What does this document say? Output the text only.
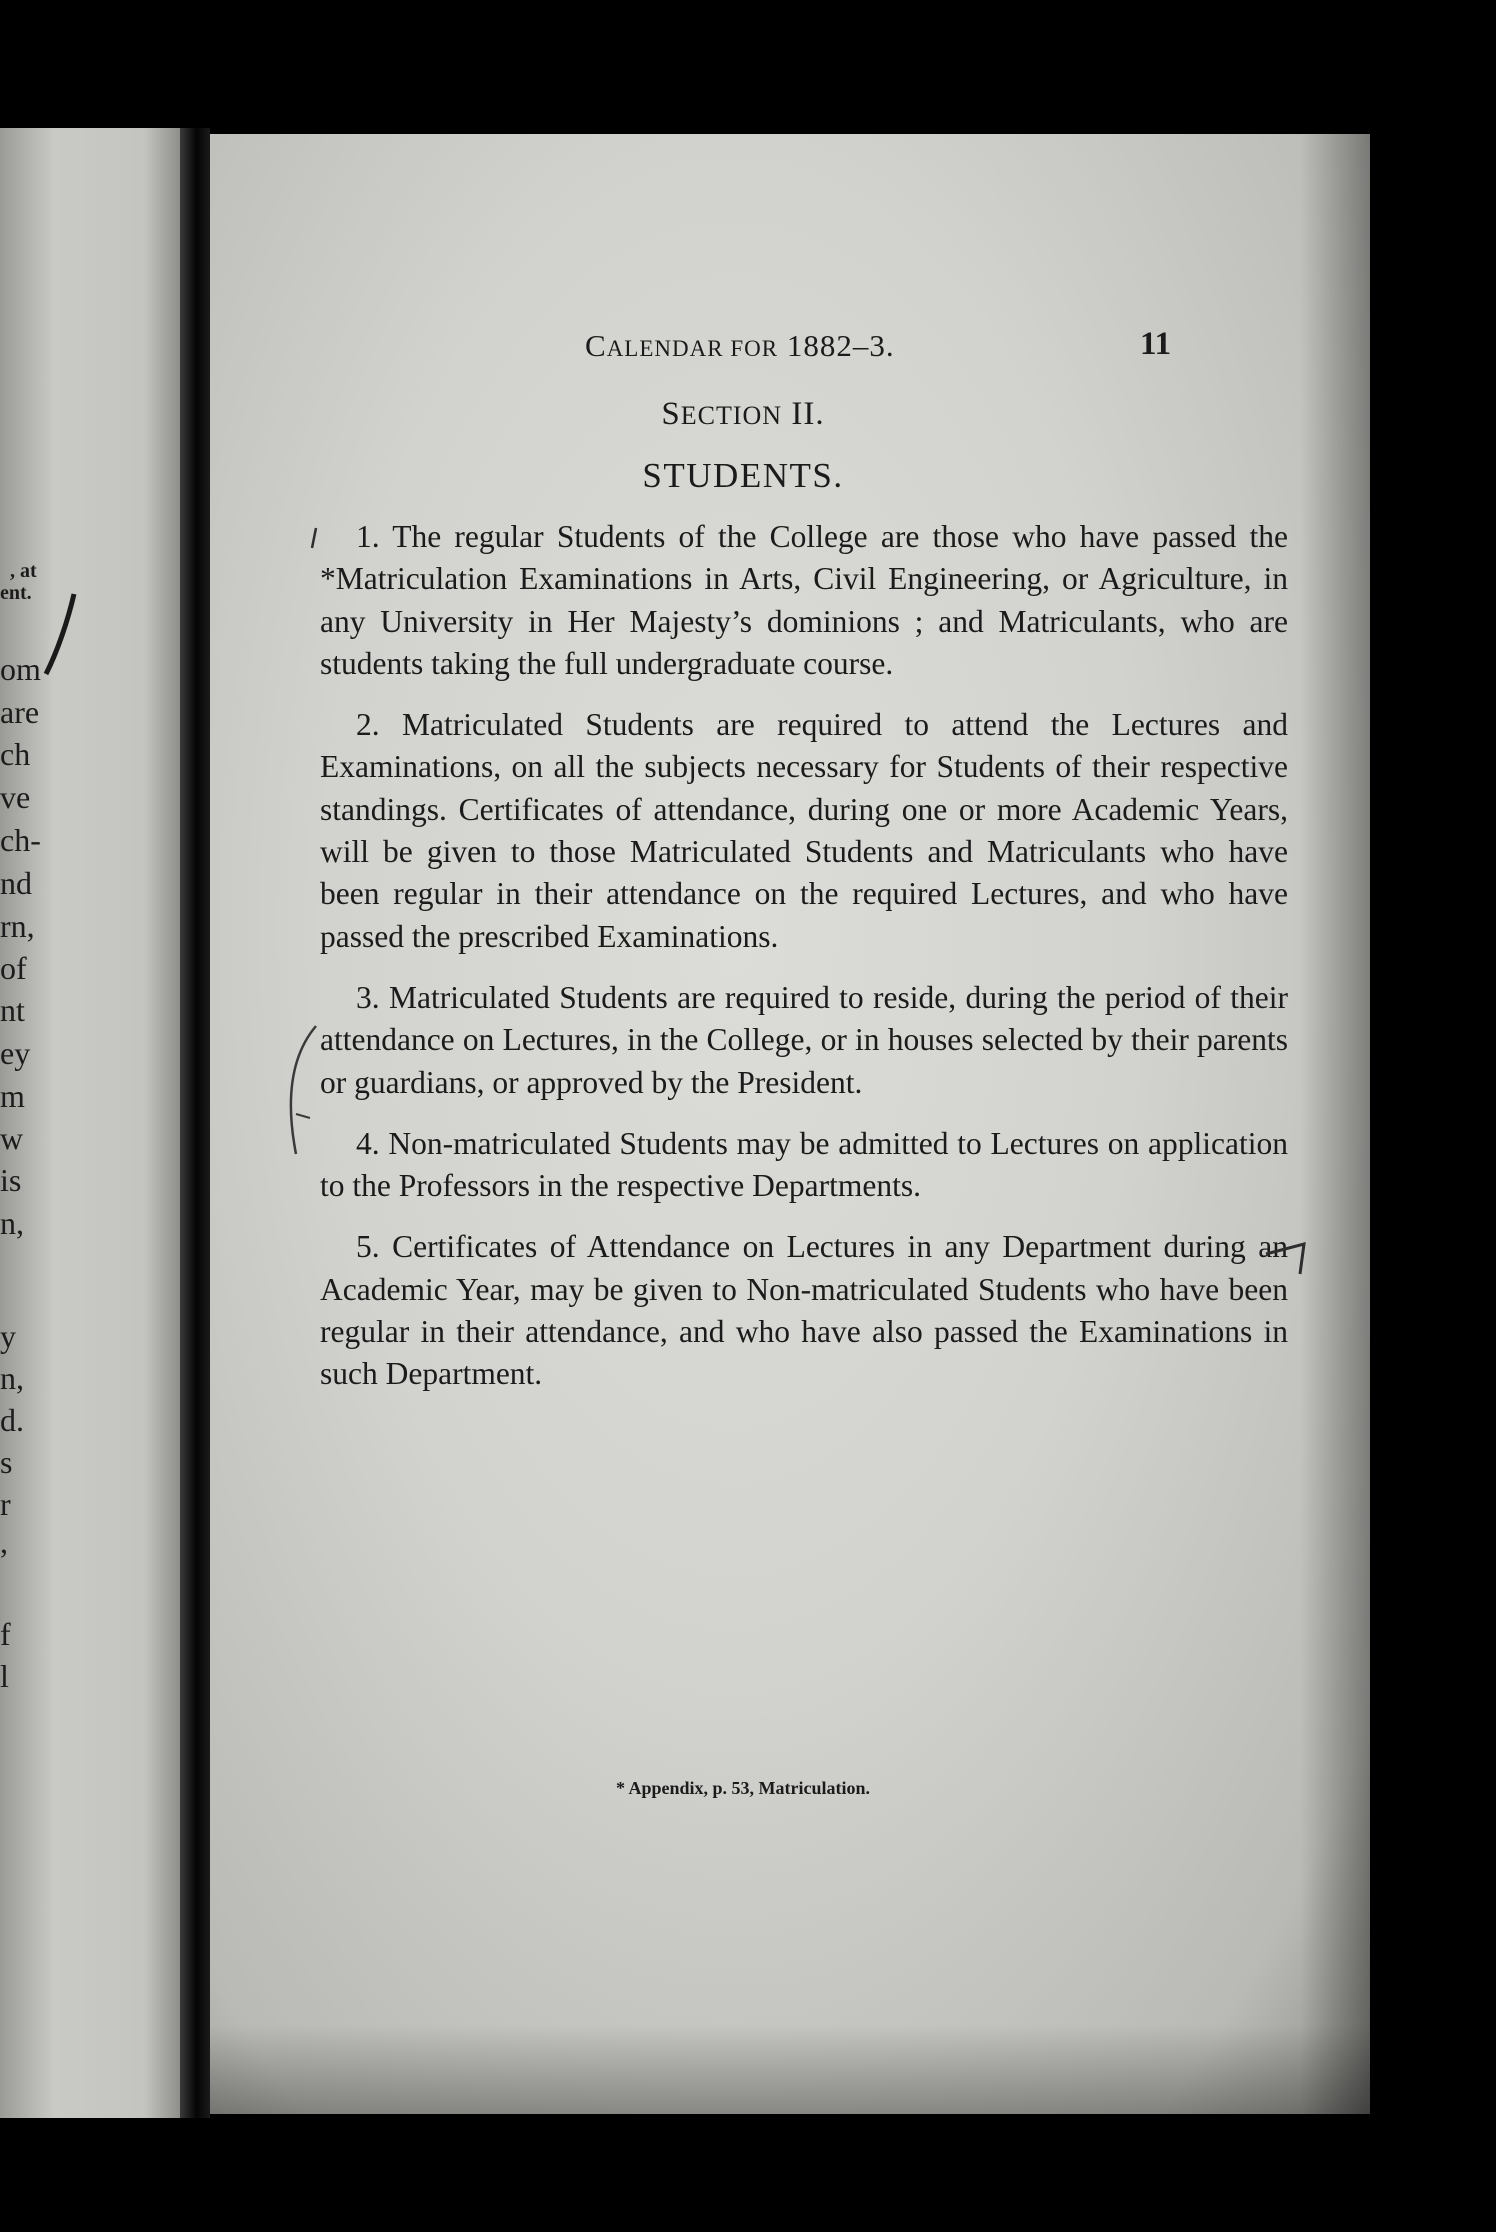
, at
ent.
om
are
ch
ve
ch-
nd
rn,
of
nt
ey
m
w
is
n,
y
n,
d.
s
r
,
f
l
CALENDAR FOR 1882–3.	11
SECTION II.
STUDENTS.

1. The regular Students of the College are those who have passed the *Matriculation Examinations in Arts, Civil Engineering, or Agriculture, in any University in Her Majesty’s dominions ; and Matriculants, who are students taking the full undergraduate course.

2. Matriculated Students are required to attend the Lectures and Examinations, on all the subjects necessary for Students of their respective standings. Certificates of attendance, during one or more Academic Years, will be given to those Matriculated Students and Matriculants who have been regular in their attendance on the required Lectures, and who have passed the prescribed Examinations.

3. Matriculated Students are required to reside, during the period of their attendance on Lectures, in the College, or in houses selected by their parents or guardians, or approved by the President.

4. Non-matriculated Students may be admitted to Lectures on application to the Professors in the respective Departments.

5. Certificates of Attendance on Lectures in any Department during an Academic Year, may be given to Non-matriculated Students who have been regular in their attendance, and who have also passed the Examinations in such Department.

* Appendix, p. 53, Matriculation.
